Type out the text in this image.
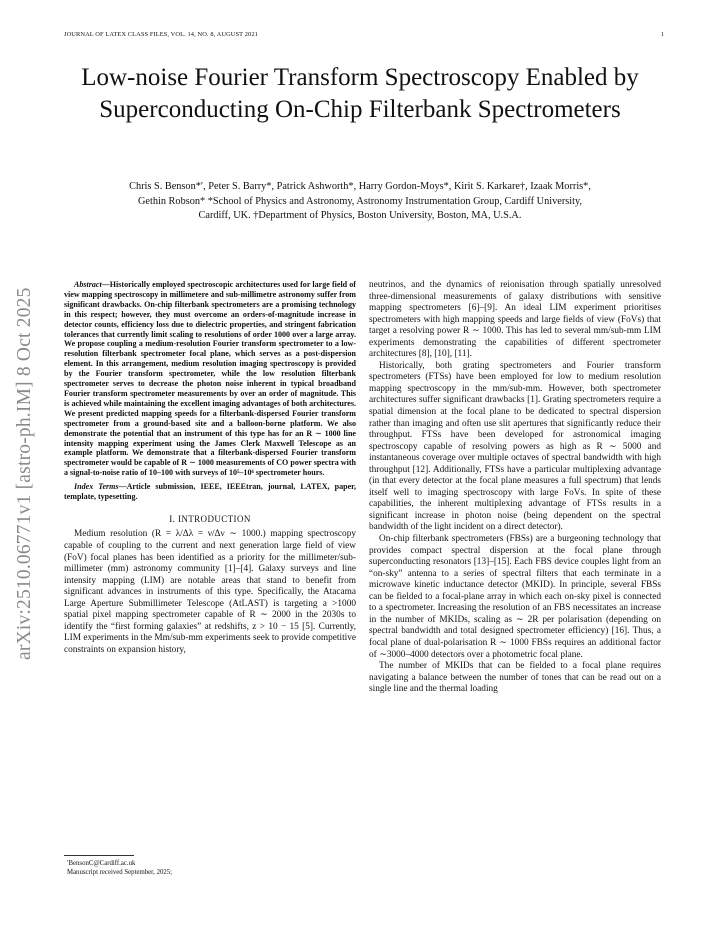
JOURNAL OF LATEX CLASS FILES, VOL. 14, NO. 8, AUGUST 2021	1
Low-noise Fourier Transform Spectroscopy Enabled by Superconducting On-Chip Filterbank Spectrometers
Chris S. Benson*′, Peter S. Barry*, Patrick Ashworth*, Harry Gordon-Moys*, Kirit S. Karkare†, Izaak Morris*,
Gethin Robson* *School of Physics and Astronomy, Astronomy Instrumentation Group, Cardiff University,
Cardiff, UK. †Department of Physics, Boston University, Boston, MA, U.S.A.
arXiv:2510.06771v1 [astro-ph.IM] 8 Oct 2025

Abstract—Historically employed spectroscopic architectures used for large field of view mapping spectroscopy in millimetere and sub-millimetre astronomy suffer from significant drawbacks. On-chip filterbank spectrometers are a promising technology in this respect; however, they must overcome an orders-of-magnitude increase in detector counts, efficiency loss due to dielectric properties, and stringent fabrication tolerances that currently limit scaling to resolutions of order 1000 over a large array. We propose coupling a medium-resolution Fourier transform spectrometer to a low-resolution filterbank spectrometer focal plane, which serves as a post-dispersion element. In this arrangement, medium resolution imaging spectroscopy is provided by the Fourier transform spectrometer, while the low resolution filterbank spectrometer serves to decrease the photon noise inherent in typical broadband Fourier transform spectrometer measurements by over an order of magnitude. This is achieved while maintaining the excellent imaging advantages of both architectures. We present predicted mapping speeds for a filterbank-dispersed Fourier transform spectrometer from a ground-based site and a balloon-borne platform. We also demonstrate the potential that an instrument of this type has for an R ∼ 1000 line intensity mapping experiment using the James Clerk Maxwell Telescope as an example platform. We demonstrate that a filterbank-dispersed Fourier transform spectrometer would be capable of R ∼ 1000 measurements of CO power spectra with a signal-to-noise ratio of 10–100 with surveys of 10⁵–10⁶ spectrometer hours.

Index Terms—Article submission, IEEE, IEEEtran, journal, LATEX, paper, template, typesetting.

I. INTRODUCTION

Medium resolution (R = λ/Δλ = ν/Δν ∼ 1000.) mapping spectroscopy capable of coupling to the current and next generation large field of view (FoV) focal planes has been identified as a priority for the millimeter/sub-millimeter (mm) astronomy community [1]–[4]. Galaxy surveys and line intensity mapping (LIM) are notable areas that stand to benefit from significant advances in instruments of this type. Specifically, the Atacama Large Aperture Submillimeter Telescope (AtLAST) is targeting a >1000 spatial pixel mapping spectrometer capable of R ∼ 2000 in the 2030s to identify the “first forming galaxies” at redshifts, z > 10 − 15 [5]. Currently, LIM experiments in the Mm/sub-mm experiments seek to provide competitive constraints on expansion history,

neutrinos, and the dynamics of reionisation through spatially unresolved three-dimensional measurements of galaxy distributions with sensitive mapping spectrometers [6]–[9]. An ideal LIM experiment prioritises spectrometers with high mapping speeds and large fields of view (FoVs) that target a resolving power R ∼ 1000. This has led to several mm/sub-mm LIM experiments demonstrating the capabilities of different spectrometer architectures [8], [10], [11].

Historically, both grating spectrometers and Fourier transform spectrometers (FTSs) have been employed for low to medium resolution mapping spectroscopy in the mm/sub-mm. However, both spectrometer architectures suffer significant drawbacks [1]. Grating spectrometers require a spatial dimension at the focal plane to be dedicated to spectral dispersion rather than imaging and often use slit apertures that significantly reduce their throughput. FTSs have been developed for astronomical imaging spectroscopy capable of resolving powers as high as R ∼ 5000 and instantaneous coverage over multiple octaves of spectral bandwidth with high throughput [12]. Additionally, FTSs have a particular multiplexing advantage (in that every detector at the focal plane measures a full spectrum) that lends itself well to imaging spectroscopy with large FoVs. In spite of these capabilities, the inherent multiplexing advantage of FTSs results in a significant increase in photon noise (being dependent on the spectral bandwidth of the light incident on a direct detector).

On-chip filterbank spectrometers (FBSs) are a burgeoning technology that provides compact spectral dispersion at the focal plane through superconducting resonators [13]–[15]. Each FBS device couples light from an “on-sky” antenna to a series of spectral filters that each terminate in a microwave kinetic inductance detector (MKID). In principle, several FBSs can be fielded to a focal-plane array in which each on-sky pixel is connected to a spectrometer. Increasing the resolution of an FBS necessitates an increase in the number of MKIDs, scaling as ∼ 2R per polarisation (depending on spectral bandwidth and total designed spectrometer efficiency) [16]. Thus, a focal plane of dual-polarisation R ∼ 1000 FBSs requires an additional factor of ∼3000–4000 detectors over a photometric focal plane.

The number of MKIDs that can be fielded to a focal plane requires navigating a balance between the number of tones that can be read out on a single line and the thermal loading

′BensonC@Cardiff.ac.uk
Manuscript received September, 2025;
